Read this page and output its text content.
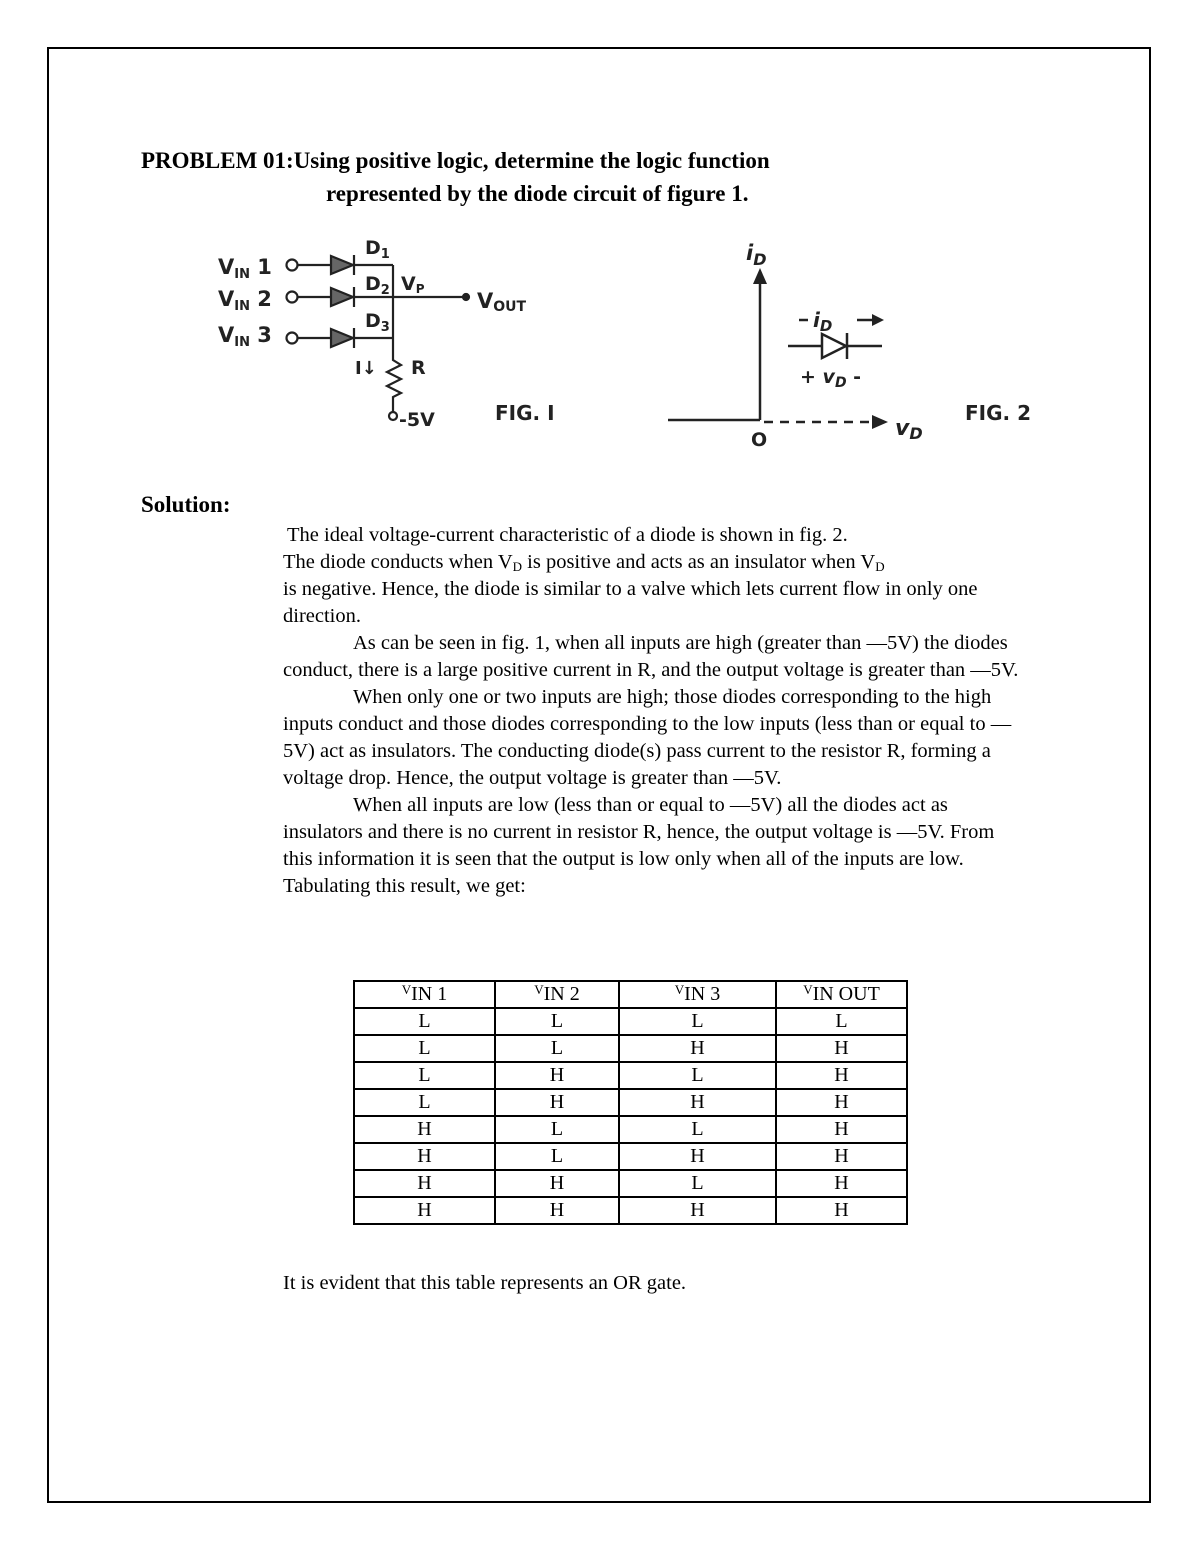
PROBLEM 01:Using positive logic, determine the logic function
represented by the diode circuit of figure 1.
VIN 1
VIN 2
VIN 3
$D_1$
$D_2$
$D_3$
VP VOUT
I↓ R
-5V	FIG. I
$i_D$
$i_D$
+ $v_D$ -
O	vD
FIG. 2
Solution:

The ideal voltage-current characteristic of a diode is shown in fig. 2.

The diode conducts when $V_D$ is positive and acts as an insulator when $V_D$
is negative. Hence, the diode is similar to a valve which lets current flow in only one direction.

As can be seen in fig. 1, when all inputs are high (greater than —5V) the diodes conduct, there is a large positive current in R, and the output voltage is greater than —5V.

When only one or two inputs are high; those diodes corresponding to the high inputs conduct and those diodes corresponding to the low inputs (less than or equal to —5V) act as insulators. The conducting diode(s) pass current to the resistor R, forming a voltage drop. Hence, the output voltage is greater than —5V.

When all inputs are low (less than or equal to —5V) all the diodes act as insulators and there is no current in resistor R, hence, the output voltage is —5V. From this information it is seen that the output is low only when all of the inputs are low. Tabulating this result, we get:

$^V$IN 1	$^V$IN 2	$^V$IN 3	$^V$IN OUT
L	L	L	L
L	L	H	H
L	H	L	H
L	H	H	H
H	L	L	H
H	L	H	H
H	H	L	H
H	H	H	H
It is evident that this table represents an OR gate.
